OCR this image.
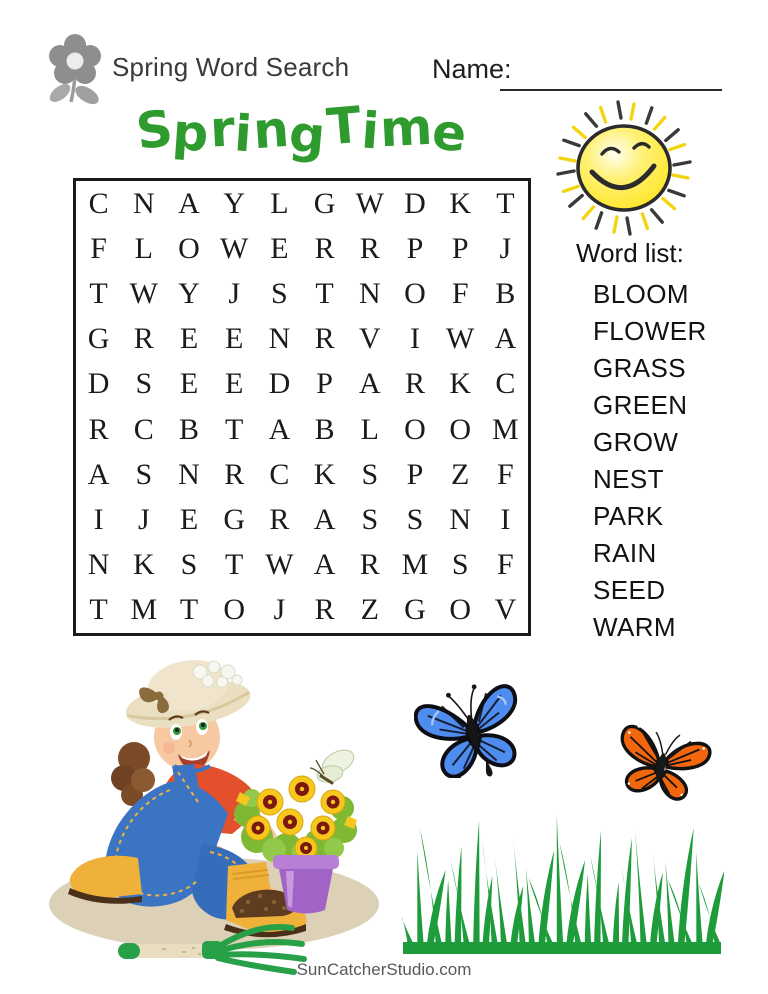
Spring Word Search	Name:
SpringTime
C N A Y L G W D K T
F L O W E R R P P	J
T W Y J	S T N O F B
G R E E N R V I W A
D S E E D P A R K C
R C B T A B L O O M
A S N R C K S P Z F
I	J	E G R A S S N I
N K S T W A R M S F
T M T O J R Z G O V

Word list:

BLOOM
FLOWER
GRASS
GREEN
GROW
NEST
PARK
RAIN
SEED
WARM
SunCatcherStudio.com
